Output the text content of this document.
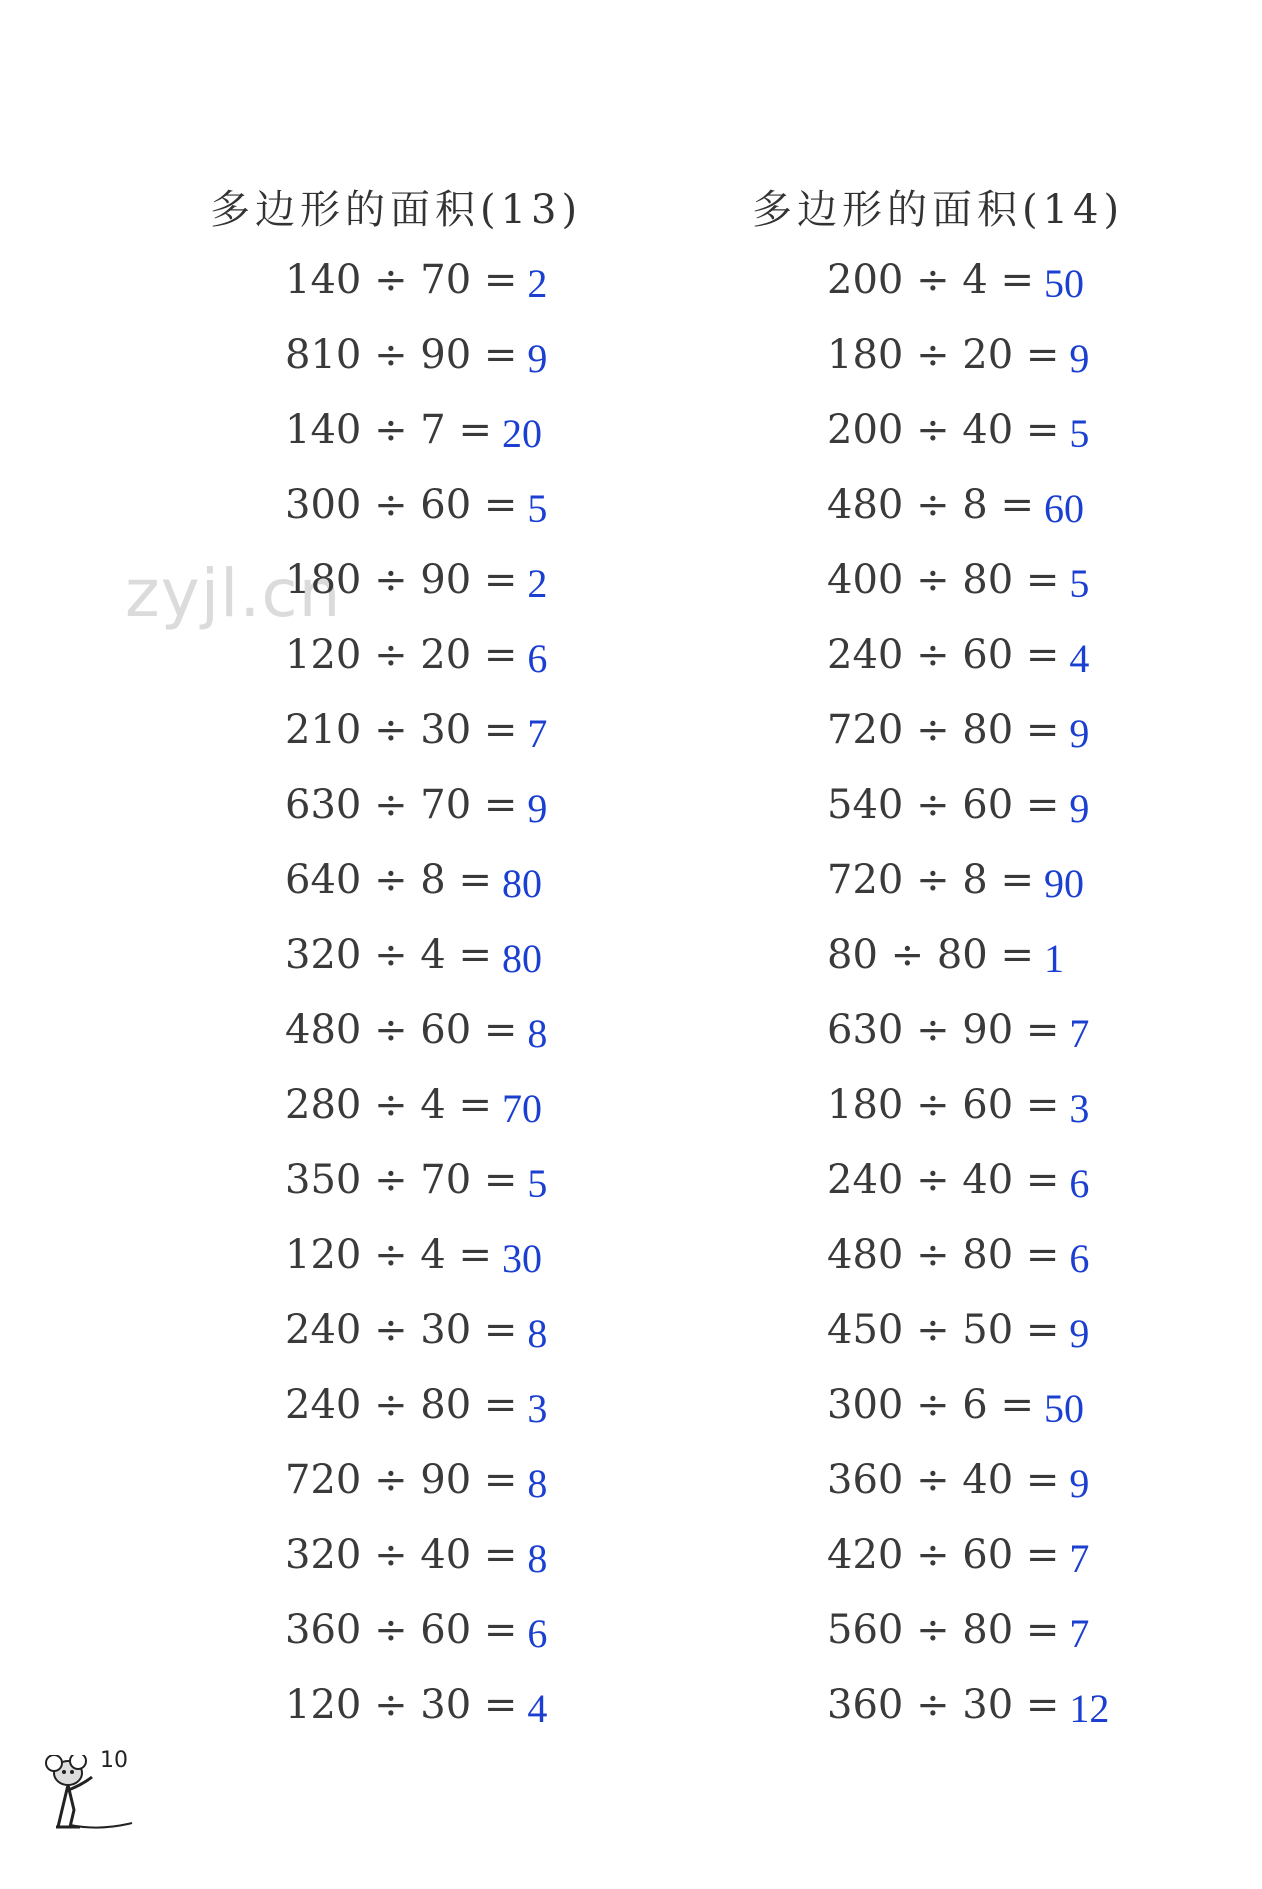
zyjl.cn
多边形的面积(13)
140 ÷ 70 = 2
810 ÷ 90 = 9
140 ÷ 7 = 20
300 ÷ 60 = 5
180 ÷ 90 = 2
120 ÷ 20 = 6
210 ÷ 30 = 7
630 ÷ 70 = 9
640 ÷ 8 = 80
320 ÷ 4 = 80
480 ÷ 60 = 8
280 ÷ 4 = 70
350 ÷ 70 = 5
120 ÷ 4 = 30
240 ÷ 30 = 8
240 ÷ 80 = 3
720 ÷ 90 = 8
320 ÷ 40 = 8
360 ÷ 60 = 6
120 ÷ 30 = 4
多边形的面积(14)
200 ÷ 4 = 50
180 ÷ 20 = 9
200 ÷ 40 = 5
480 ÷ 8 = 60
400 ÷ 80 = 5
240 ÷ 60 = 4
720 ÷ 80 = 9
540 ÷ 60 = 9
720 ÷ 8 = 90
80 ÷ 80 = 1
630 ÷ 90 = 7
180 ÷ 60 = 3
240 ÷ 40 = 6
480 ÷ 80 = 6
450 ÷ 50 = 9
300 ÷ 6 = 50
360 ÷ 40 = 9
420 ÷ 60 = 7
560 ÷ 80 = 7
360 ÷ 30 = 12
10
